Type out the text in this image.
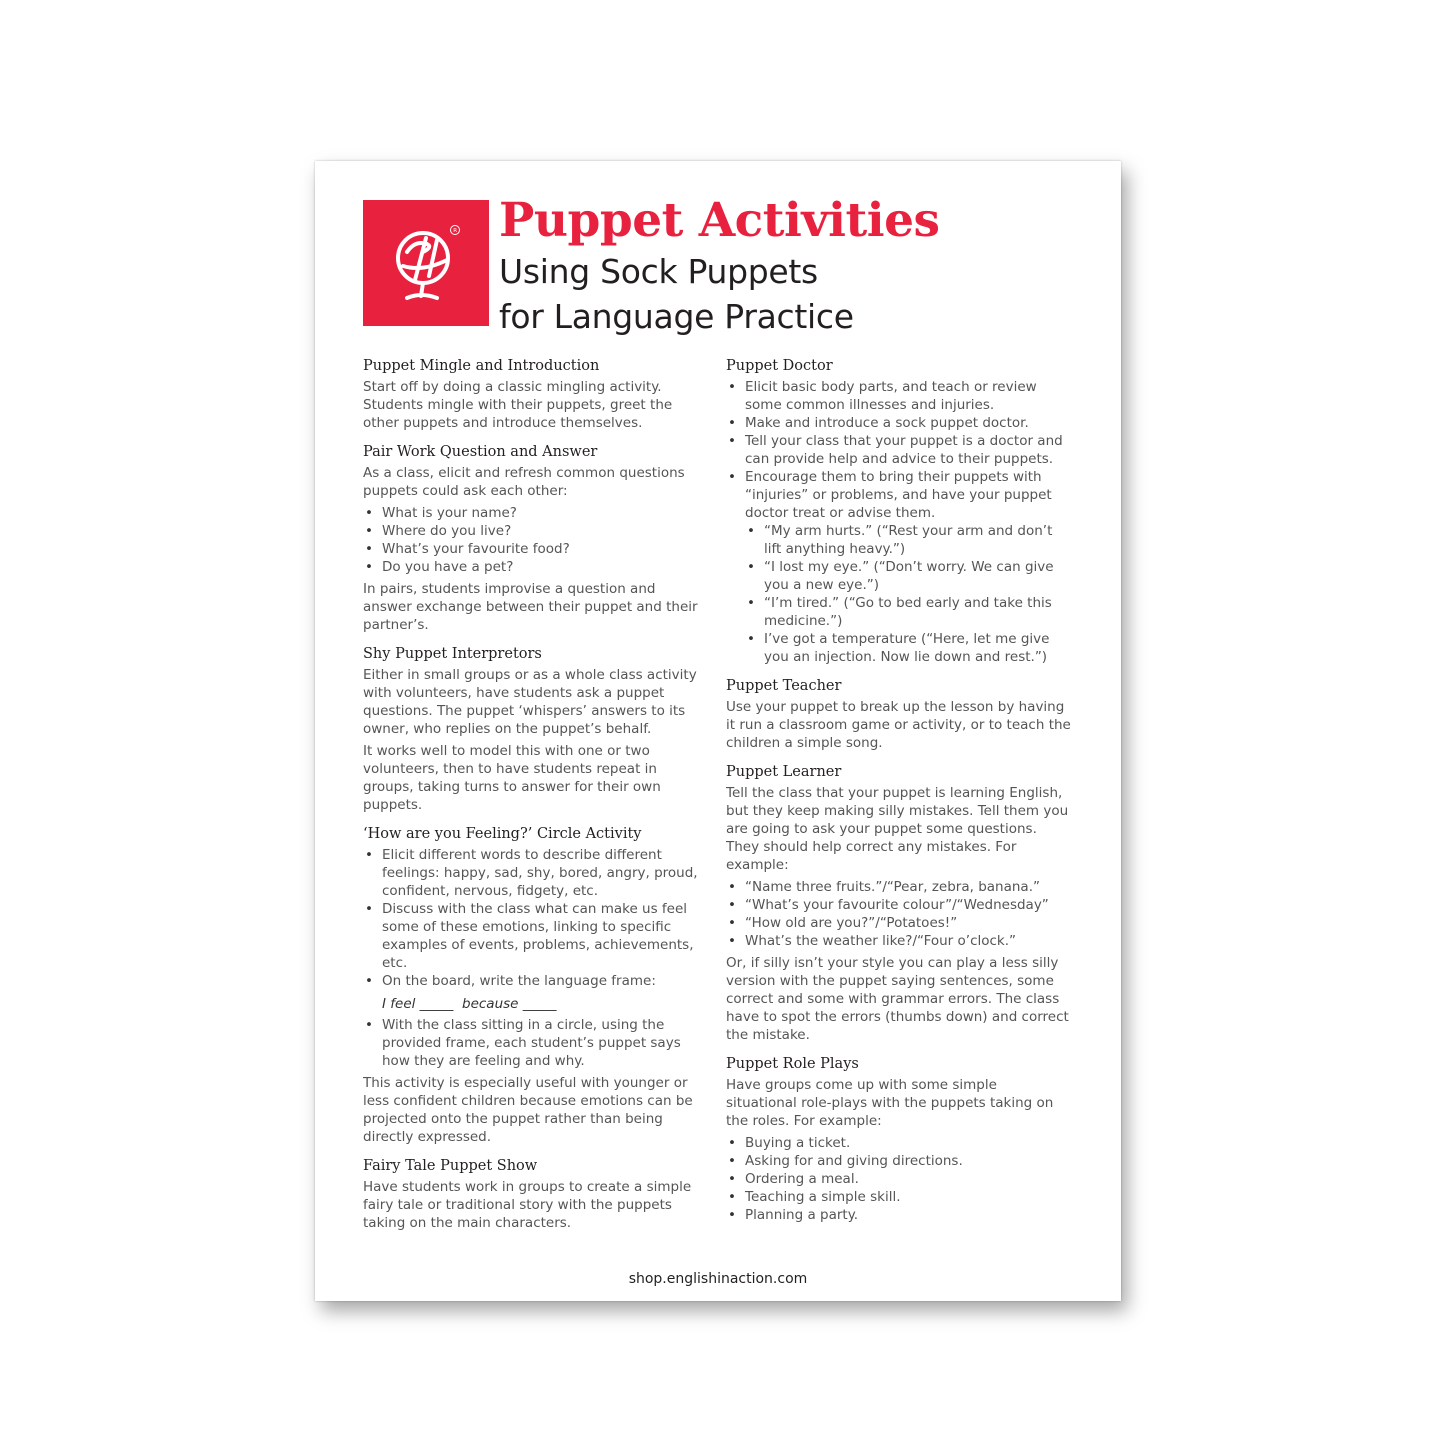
R Puppet Activities
Using Sock Puppets
for Language Practice
Puppet Mingle and Introduction

Start off by doing a classic mingling activity. Students mingle with their puppets, greet the other puppets and introduce themselves.

Pair Work Question and Answer

As a class, elicit and refresh common questions puppets could ask each other:

• What is your name?
• Where do you live?
• What’s your favourite food?
• Do you have a pet?

In pairs, students improvise a question and answer exchange between their puppet and their partner’s.

Shy Puppet Interpretors

Either in small groups or as a whole class activity with volunteers, have students ask a puppet questions. The puppet ‘whispers’ answers to its owner, who replies on the puppet’s behalf.

It works well to model this with one or two volunteers, then to have students repeat in groups, taking turns to answer for their own puppets.

‘How are you Feeling?’ Circle Activity
• Elicit different words to describe different feelings: happy, sad, shy, bored, angry, proud, confident, nervous, fidgety, etc.
• Discuss with the class what can make us feel some of these emotions, linking to specific examples of events, problems, achievements, etc.
• On the board, write the language frame:
I feel _____  because _____
• With the class sitting in a circle, using the provided frame, each student’s puppet says how they are feeling and why.

This activity is especially useful with younger or less confident children because emotions can be projected onto the puppet rather than being directly expressed.

Fairy Tale Puppet Show

Have students work in groups to create a simple fairy tale or traditional story with the puppets taking on the main characters.

Puppet Doctor
• Elicit basic body parts, and teach or review some common illnesses and injuries.
• Make and introduce a sock puppet doctor.
• Tell your class that your puppet is a doctor and can provide help and advice to their puppets.
• Encourage them to bring their puppets with “injuries” or problems, and have your puppet doctor treat or advise them.
• “My arm hurts.” (“Rest your arm and don’t lift anything heavy.”)
• “I lost my eye.” (“Don’t worry. We can give you a new eye.”)
• “I’m tired.” (“Go to bed early and take this medicine.”)
• I’ve got a temperature (“Here, let me give you an injection. Now lie down and rest.”)
Puppet Teacher

Use your puppet to break up the lesson by having it run a classroom game or activity, or to teach the children a simple song.

Puppet Learner

Tell the class that your puppet is learning English, but they keep making silly mistakes. Tell them you are going to ask your puppet some questions. They should help correct any mistakes. For example:

• “Name three fruits.”/“Pear, zebra, banana.”
• “What’s your favourite colour”/“Wednesday”
• “How old are you?”/“Potatoes!”
• What’s the weather like?/“Four o’clock.”

Or, if silly isn’t your style you can play a less silly version with the puppet saying sentences, some correct and some with grammar errors. The class have to spot the errors (thumbs down) and correct the mistake.

Puppet Role Plays

Have groups come up with some simple situational role-plays with the puppets taking on the roles. For example:

• Buying a ticket.
• Asking for and giving directions.
• Ordering a meal.
• Teaching a simple skill.
• Planning a party.
shop.englishinaction.com
